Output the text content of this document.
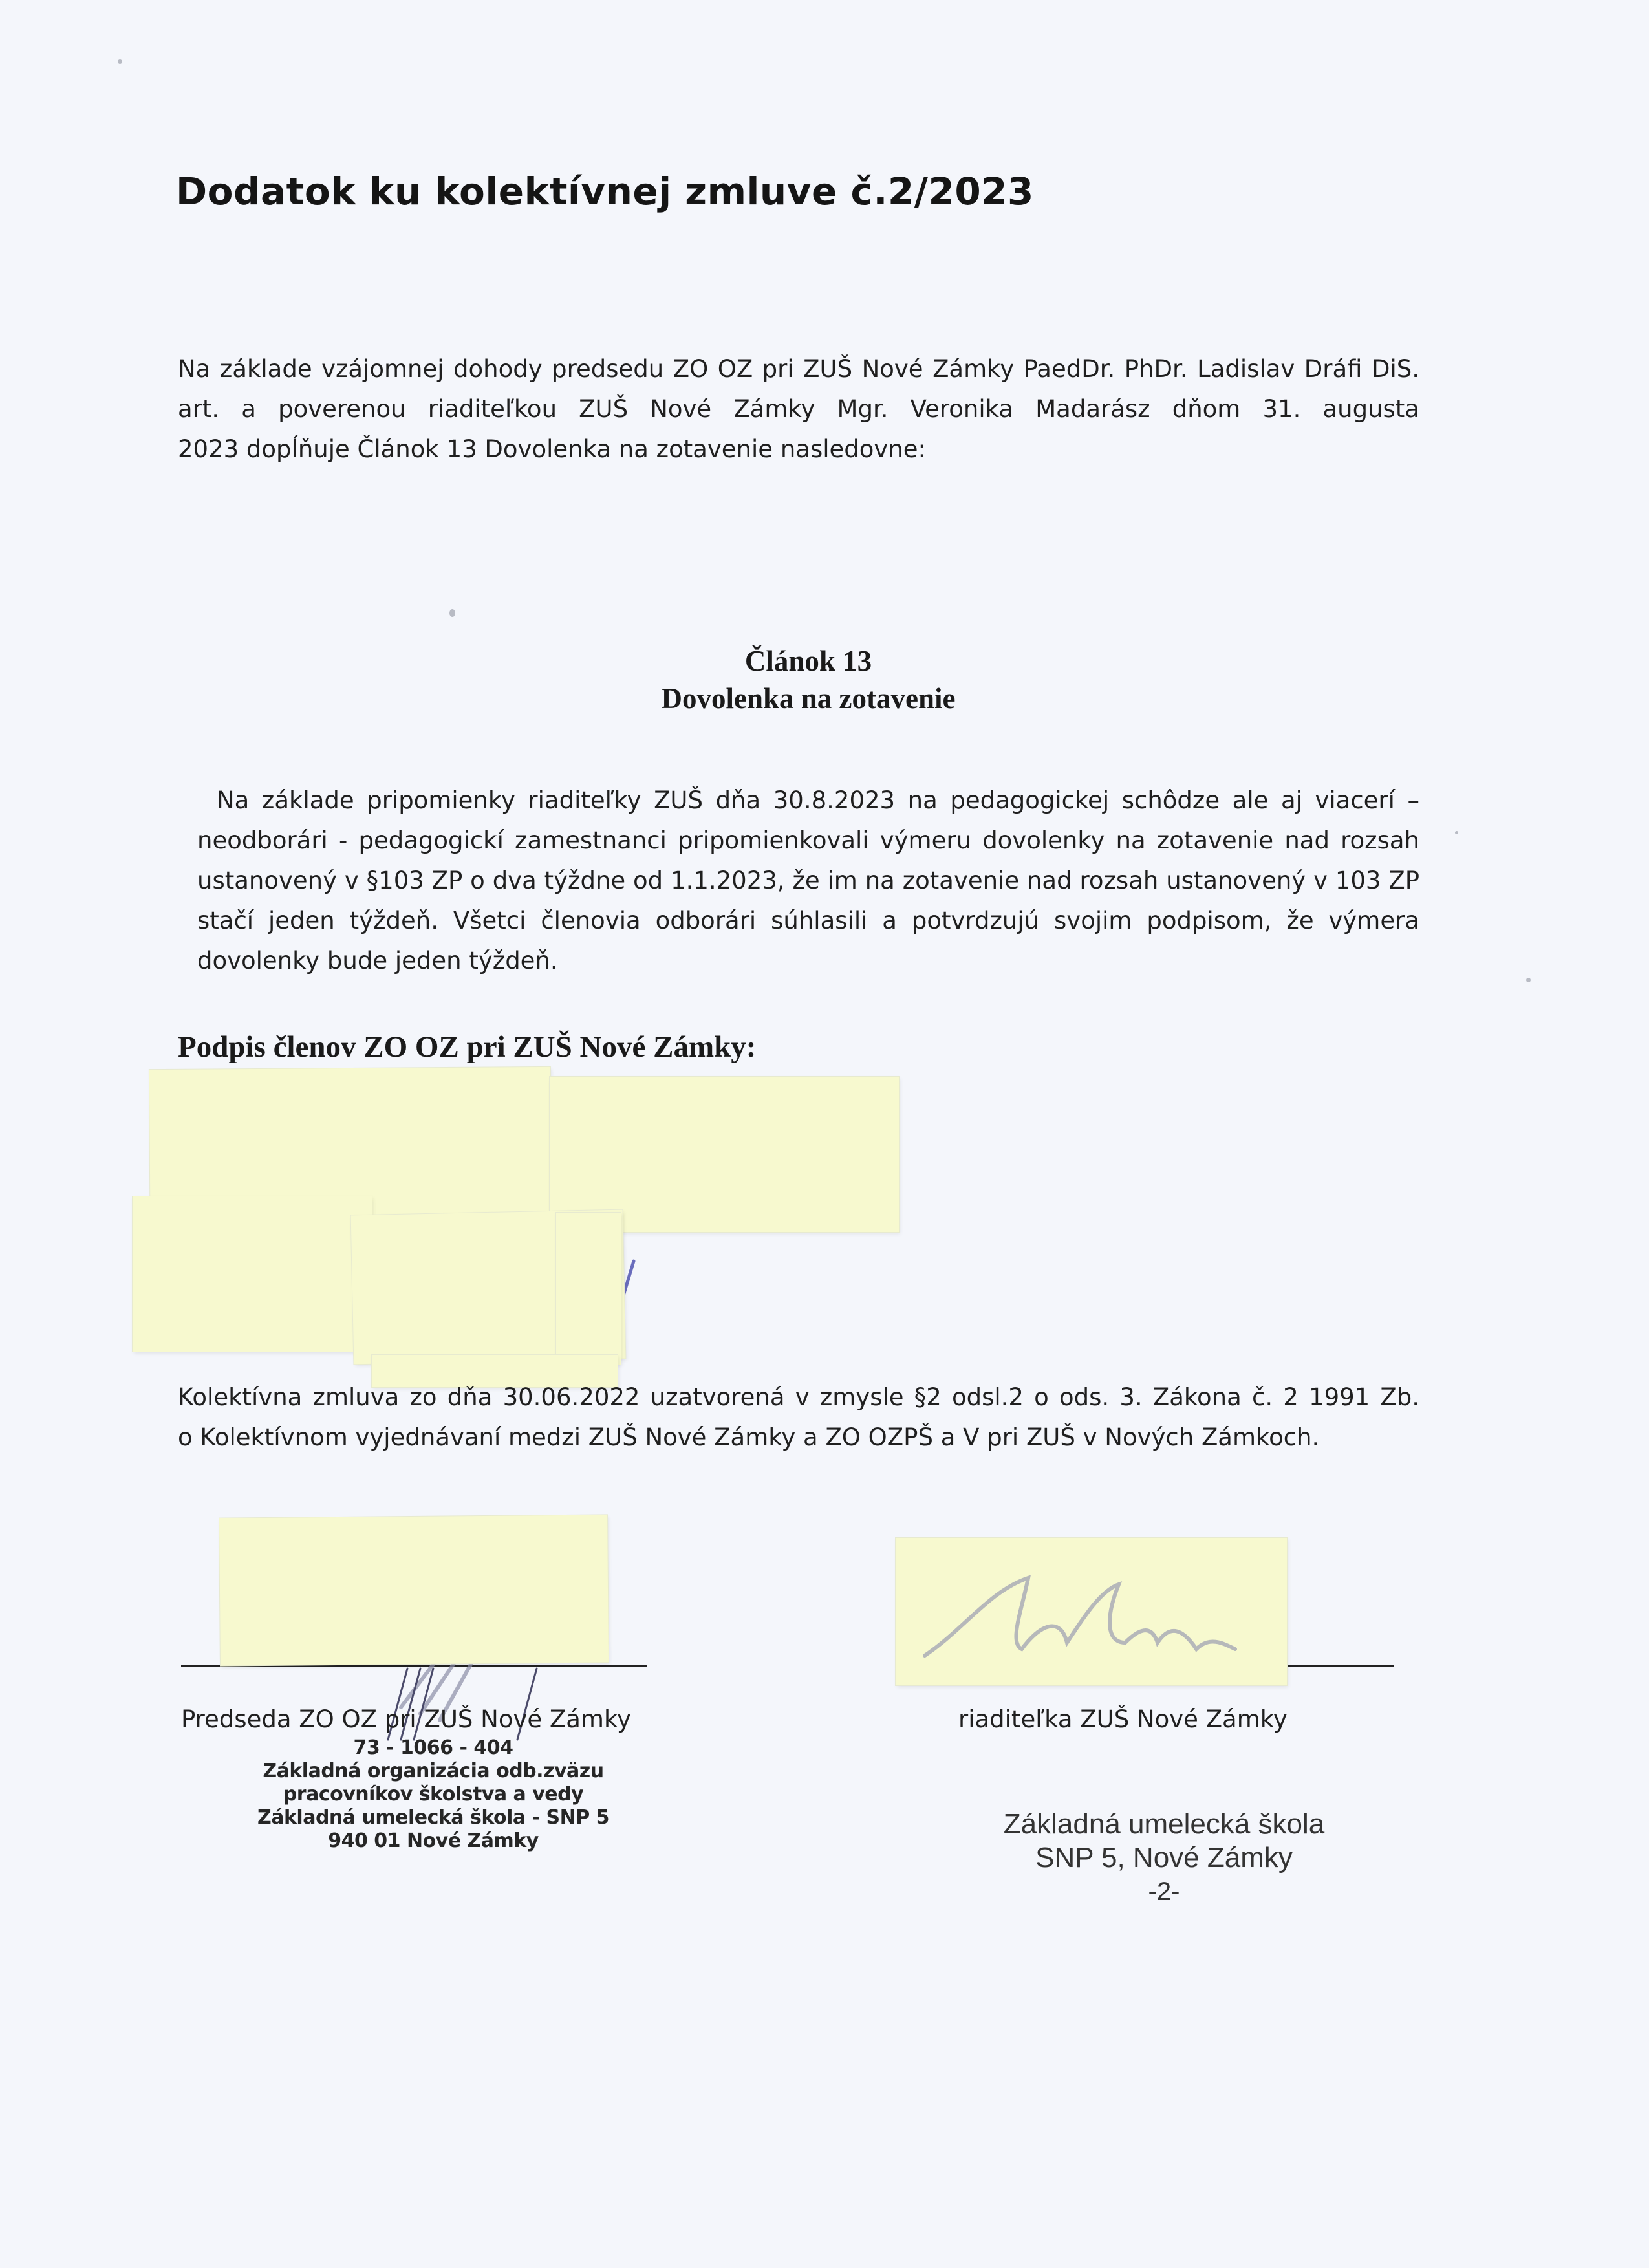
Dodatok ku kolektívnej zmluve č.2/2023
Na základe vzájomnej dohody predsedu ZO OZ pri ZUŠ Nové Zámky PaedDr. PhDr. Ladislav Dráfi DiS.
art. a poverenou riaditeľkou ZUŠ Nové Zámky Mgr. Veronika Madarász dňom 31. augusta
2023 dopĺňuje Článok 13 Dovolenka na zotavenie nasledovne:
Článok 13
Dovolenka na zotavenie
Na základe pripomienky riaditeľky ZUŠ dňa 30.8.2023 na pedagogickej schôdze ale aj viacerí –
neodborári - pedagogickí zamestnanci pripomienkovali výmeru dovolenky na zotavenie nad rozsah
ustanovený v §103 ZP o dva týždne od 1.1.2023, že im na zotavenie nad rozsah ustanovený v 103 ZP
stačí jeden týždeň. Všetci členovia odborári súhlasili a potvrdzujú svojim podpisom, že výmera
dovolenky bude jeden týždeň.
Podpis členov ZO OZ pri ZUŠ Nové Zámky:
Kolektívna zmluva zo dňa 30.06.2022 uzatvorená v zmysle §2 odsl.2 o ods. 3. Zákona č. 2 1991 Zb.
o Kolektívnom vyjednávaní medzi ZUŠ Nové Zámky a ZO OZPŠ a V pri ZUŠ v Nových Zámkoch.
Predseda ZO OZ pri ZUŠ Nové Zámky
73 - 1066 - 404
Základná organizácia odb.zväzu
pracovníkov školstva a vedy
Základná umelecká škola - SNP 5
940 01 Nové Zámky
riaditeľka ZUŠ Nové Zámky
Základná umelecká škola
SNP 5, Nové Zámky
-2-
